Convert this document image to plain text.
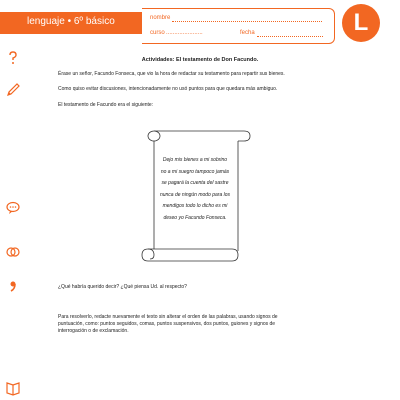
lenguaje • 6º básico	nombre
curso ......................	fecha	L
Actividades: El testamento de Don Facundo.
Érase un señor, Facundo Fonseca, que vio la hora de redactar su testamento para repartir sus bienes.
Como quiso evitar discusiones, intencionadamente no usó puntos para que quedara más ambiguo.
El testamento de Facundo era el siguiente:
Dejo mis bienes a mi sobrino
no a mi suegro tampoco jamás
se pagará la cuenta del sastre
nunca de ningún modo para los
mendigos todo lo dicho es mi
deseo yo Facundo Fonseca.
¿Qué habría querido decir? ¿Qué piensa Ud. al respecto?
Para resolverlo, redacte nuevamente el texto sin alterar el orden de las palabras, usando signos de
puntuación, como: puntos seguidos, comas, puntos suspensivos, dos puntos, guiones y signos de
interrogación o de exclamación.
